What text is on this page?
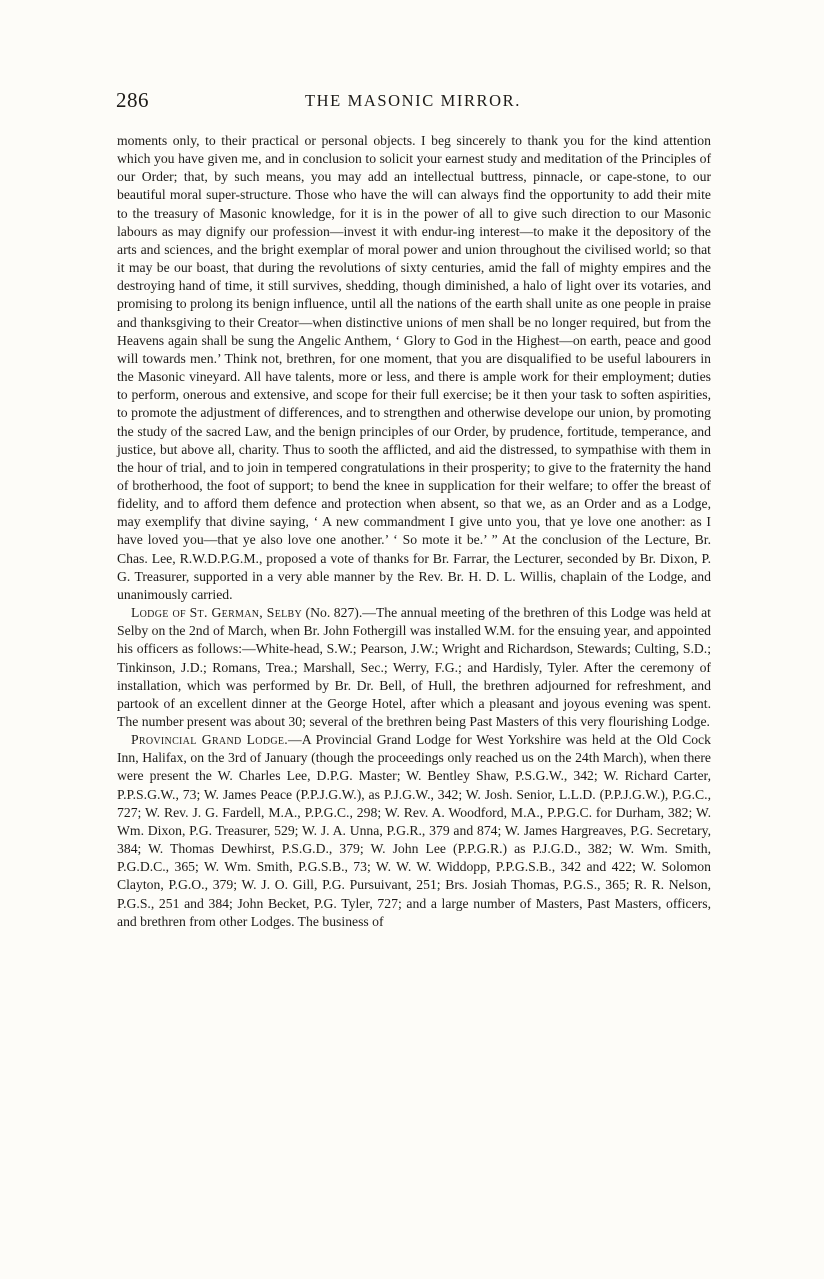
286	THE MASONIC MIRROR.

moments only, to their practical or personal objects. I beg sincerely to thank you for the kind attention which you have given me, and in conclusion to solicit your earnest study and meditation of the Principles of our Order; that, by such means, you may add an intellectual buttress, pinnacle, or cape-stone, to our beautiful moral super-structure. Those who have the will can always find the opportunity to add their mite to the treasury of Masonic knowledge, for it is in the power of all to give such direction to our Masonic labours as may dignify our profession—invest it with endur-ing interest—to make it the depository of the arts and sciences, and the bright exemplar of moral power and union throughout the civilised world; so that it may be our boast, that during the revolutions of sixty centuries, amid the fall of mighty empires and the destroying hand of time, it still survives, shedding, though diminished, a halo of light over its votaries, and promising to prolong its benign influence, until all the nations of the earth shall unite as one people in praise and thanksgiving to their Creator—when distinctive unions of men shall be no longer required, but from the Heavens again shall be sung the Angelic Anthem, ‘ Glory to God in the Highest—on earth, peace and good will towards men.’ Think not, brethren, for one moment, that you are disqualified to be useful labourers in the Masonic vineyard. All have talents, more or less, and there is ample work for their employment; duties to perform, onerous and extensive, and scope for their full exercise; be it then your task to soften aspirities, to promote the adjustment of differences, and to strengthen and otherwise develope our union, by promoting the study of the sacred Law, and the benign principles of our Order, by prudence, fortitude, temperance, and justice, but above all, charity. Thus to sooth the afflicted, and aid the distressed, to sympathise with them in the hour of trial, and to join in tempered congratulations in their prosperity; to give to the fraternity the hand of brotherhood, the foot of support; to bend the knee in supplication for their welfare; to offer the breast of fidelity, and to afford them defence and protection when absent, so that we, as an Order and as a Lodge, may exemplify that divine saying, ‘ A new commandment I give unto you, that ye love one another: as I have loved you—that ye also love one another.’ ‘ So mote it be.’ ” At the conclusion of the Lecture, Br. Chas. Lee, R.W.D.P.G.M., proposed a vote of thanks for Br. Farrar, the Lecturer, seconded by Br. Dixon, P. G. Treasurer, supported in a very able manner by the Rev. Br. H. D. L. Willis, chaplain of the Lodge, and unanimously carried.

Lodge of St. German, Selby (No. 827).—The annual meeting of the brethren of this Lodge was held at Selby on the 2nd of March, when Br. John Fothergill was installed W.M. for the ensuing year, and appointed his officers as follows:—White-head, S.W.; Pearson, J.W.; Wright and Richardson, Stewards; Culting, S.D.; Tinkinson, J.D.; Romans, Trea.; Marshall, Sec.; Werry, F.G.; and Hardisly, Tyler. After the ceremony of installation, which was performed by Br. Dr. Bell, of Hull, the brethren adjourned for refreshment, and partook of an excellent dinner at the George Hotel, after which a pleasant and joyous evening was spent. The number present was about 30; several of the brethren being Past Masters of this very flourishing Lodge.

Provincial Grand Lodge.—A Provincial Grand Lodge for West Yorkshire was held at the Old Cock Inn, Halifax, on the 3rd of January (though the proceedings only reached us on the 24th March), when there were present the W. Charles Lee, D.P.G. Master; W. Bentley Shaw, P.S.G.W., 342; W. Richard Carter, P.P.S.G.W., 73; W. James Peace (P.P.J.G.W.), as P.J.G.W., 342; W. Josh. Senior, L.L.D. (P.P.J.G.W.), P.G.C., 727; W. Rev. J. G. Fardell, M.A., P.P.G.C., 298; W. Rev. A. Woodford, M.A., P.P.G.C. for Durham, 382; W. Wm. Dixon, P.G. Treasurer, 529; W. J. A. Unna, P.G.R., 379 and 874; W. James Hargreaves, P.G. Secretary, 384; W. Thomas Dewhirst, P.S.G.D., 379; W. John Lee (P.P.G.R.) as P.J.G.D., 382; W. Wm. Smith, P.G.D.C., 365; W. Wm. Smith, P.G.S.B., 73; W. W. W. Widdopp, P.P.G.S.B., 342 and 422; W. Solomon Clayton, P.G.O., 379; W. J. O. Gill, P.G. Pursuivant, 251; Brs. Josiah Thomas, P.G.S., 365; R. R. Nelson, P.G.S., 251 and 384; John Becket, P.G. Tyler, 727; and a large number of Masters, Past Masters, officers, and brethren from other Lodges. The business of
